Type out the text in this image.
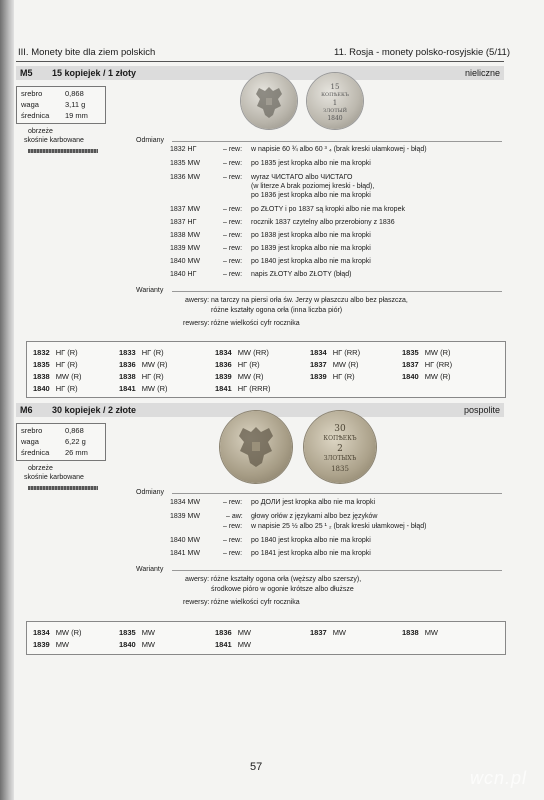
III. Monety bite dla ziem polskich	11. Rosja - monety polsko-rosyjskie (5/11)
M5 15 kopiejek / 1 złoty	nieliczne
srebro	0,868
waga	3,11 g
średnica 19 mm
obrzeże
skośnie karbowane
15
КОПѢЕКЪ
1
ЗЛОТЫЙ
1840
Odmiany
1832 НГ	– rew: w napisie 60 ¾ albo 60 ³ ₄ (brak kreski ułamkowej - błąd)
1835 MW	– rew: po 1835 jest kropka albo nie ma kropki
1836 MW	– rew: wyraz ЧИСТАГО albo ЧИCTAГО
(w literze A brak poziomej kreski - błąd),
po 1836 jest kropka albo nie ma kropki
1837 MW	– rew: po ZŁOTY i po 1837 są kropki albo nie ma kropek
1837 НГ	– rew: rocznik 1837 czytelny albo przerobiony z 1836
1838 MW	– rew: po 1838 jest kropka albo nie ma kropki
1839 MW	– rew: po 1839 jest kropka albo nie ma kropki
1840 MW	– rew: po 1840 jest kropka albo nie ma kropki
1840 НГ	– rew: napis ZŁOTY albo ZŁOTY (błąd)
Warianty
awersy: na tarczy na piersi orła św. Jerzy w płaszczu albo bez płaszcza,
różne kształty ogona orła (inna liczba piór)
rewersy: różne wielkości cyfr rocznika
1832 НГ (R)	1833 НГ (R)	1834 MW (RR)	1834 НГ (RR)	1835 MW (R)
1835 НГ (R)	1836 MW (R)	1836 НГ (R)	1837 MW (R)	1837 НГ (RR)
1838 MW (R)	1838 НГ (R)	1839 MW (R)	1839 НГ (R)	1840 MW (R)
1840 НГ (R)	1841 MW (R)	1841 НГ (RRR)
M6 30 kopiejek / 2 złote	pospolite
srebro	0,868
waga	6,22 g
średnica 26 mm
obrzeże
skośnie karbowane
30
КОПѢЕКЪ
2
ЗЛОТЫХЪ
1835
Odmiany
1834 MW	– rew: po ДОЛИ jest kropka albo nie ma kropki
1839 MW	– aw: głowy orłów z językami albo bez języków
– rew: w napisie 25 ½ albo 25 ¹ ₂ (brak kreski ułamkowej - błąd)
1840 MW	– rew: po 1840 jest kropka albo nie ma kropki
1841 MW	– rew: po 1841 jest kropka albo nie ma kropki
Warianty
awersy: różne kształty ogona orła (węższy albo szerszy),
środkowe pióro w ogonie krótsze albo dłuższe
rewersy: różne wielkości cyfr rocznika
1834 MW (R)	1835 MW	1836 MW	1837 MW	1838 MW
1839 MW	1840 MW	1841 MW
57
wcn.pl
